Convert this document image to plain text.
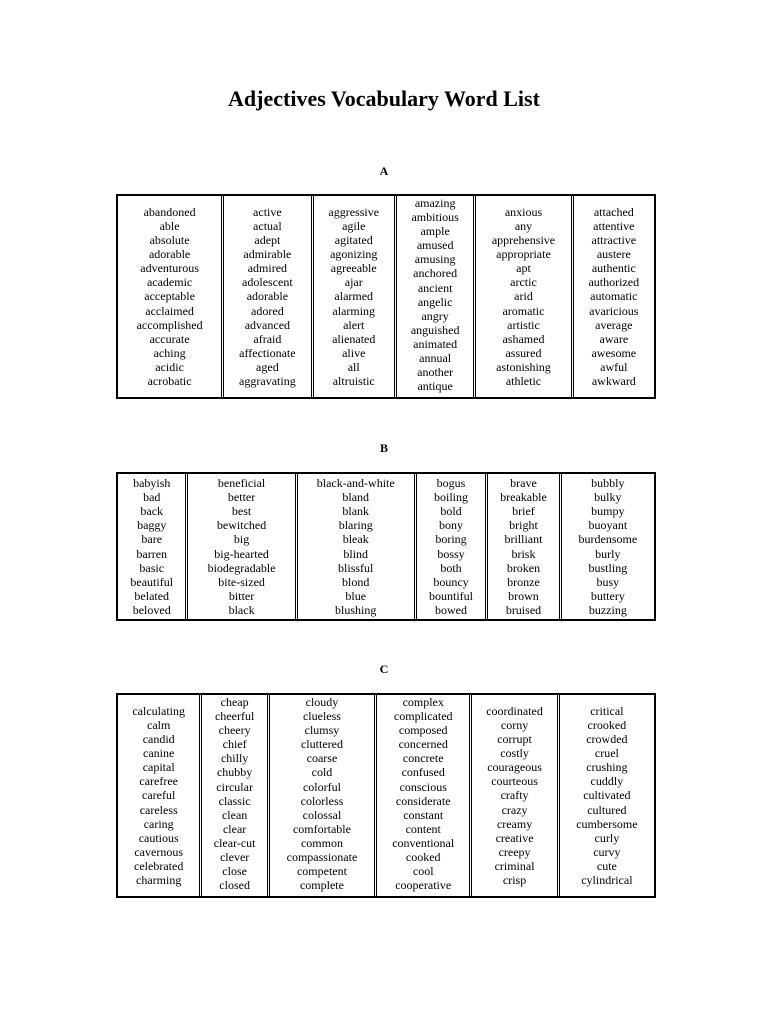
Adjectives Vocabulary Word List
A
abandoned
able
absolute
adorable
adventurous
academic
acceptable
acclaimed
accomplished
accurate
aching
acidic
acrobatic
active
actual
adept
admirable
admired
adolescent
adorable
adored
advanced
afraid
affectionate
aged
aggravating
aggressive
agile
agitated
agonizing
agreeable
ajar
alarmed
alarming
alert
alienated
alive
all
altruistic
amazing
ambitious
ample
amused
amusing
anchored
ancient
angelic
angry
anguished
animated
annual
another
antique
anxious
any
apprehensive
appropriate
apt
arctic
arid
aromatic
artistic
ashamed
assured
astonishing
athletic
attached
attentive
attractive
austere
authentic
authorized
automatic
avaricious
average
aware
awesome
awful
awkward
B
babyish
bad
back
baggy
bare
barren
basic
beautiful
belated
beloved
beneficial
better
best
bewitched
big
big-hearted
biodegradable
bite-sized
bitter
black
black-and-white
bland
blank
blaring
bleak
blind
blissful
blond
blue
blushing
bogus
boiling
bold
bony
boring
bossy
both
bouncy
bountiful
bowed
brave
breakable
brief
bright
brilliant
brisk
broken
bronze
brown
bruised
bubbly
bulky
bumpy
buoyant
burdensome
burly
bustling
busy
buttery
buzzing
C
calculating
calm
candid
canine
capital
carefree
careful
careless
caring
cautious
cavernous
celebrated
charming
cheap
cheerful
cheery
chief
chilly
chubby
circular
classic
clean
clear
clear-cut
clever
close
closed
cloudy
clueless
clumsy
cluttered
coarse
cold
colorful
colorless
colossal
comfortable
common
compassionate
competent
complete
complex
complicated
composed
concerned
concrete
confused
conscious
considerate
constant
content
conventional
cooked
cool
cooperative
coordinated
corny
corrupt
costly
courageous
courteous
crafty
crazy
creamy
creative
creepy
criminal
crisp
critical
crooked
crowded
cruel
crushing
cuddly
cultivated
cultured
cumbersome
curly
curvy
cute
cylindrical
